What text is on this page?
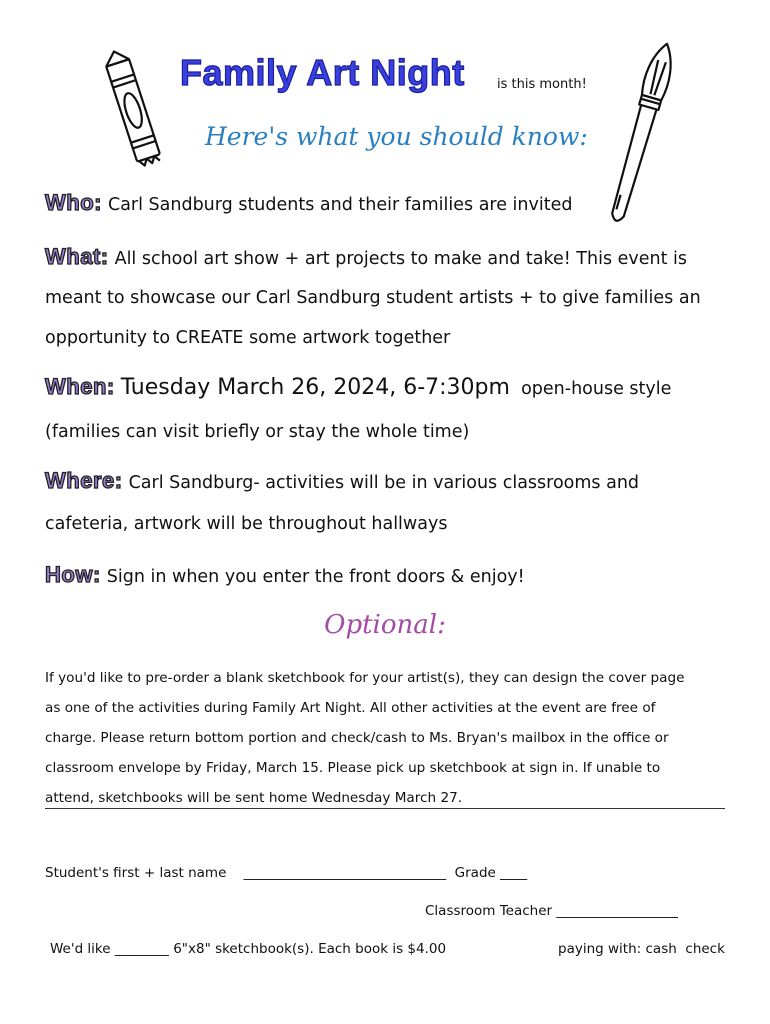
Family Art Night is this month!
Here's what you should know:
Who: Carl Sandburg students and their families are invited
What: All school art show + art projects to make and take! This event is
meant to showcase our Carl Sandburg student artists + to give families an
opportunity to CREATE some artwork together
When: Tuesday March 26, 2024, 6-7:30pm open-house style
(families can visit briefly or stay the whole time)
Where: Carl Sandburg- activities will be in various classrooms and
cafeteria, artwork will be throughout hallways
How: Sign in when you enter the front doors & enjoy!
Optional:
If you'd like to pre-order a blank sketchbook for your artist(s), they can design the cover page
as one of the activities during Family Art Night. All other activities at the event are free of
charge. Please return bottom portion and check/cash to Ms. Bryan's mailbox in the office or
classroom envelope by Friday, March 15. Please pick up sketchbook at sign in. If unable to
attend, sketchbooks will be sent home Wednesday March 27.
Student's first + last name ______________________________ Grade ____
Classroom Teacher __________________
We'd like ________ 6"x8" sketchbook(s). Each book is $4.00	paying with: cash check
